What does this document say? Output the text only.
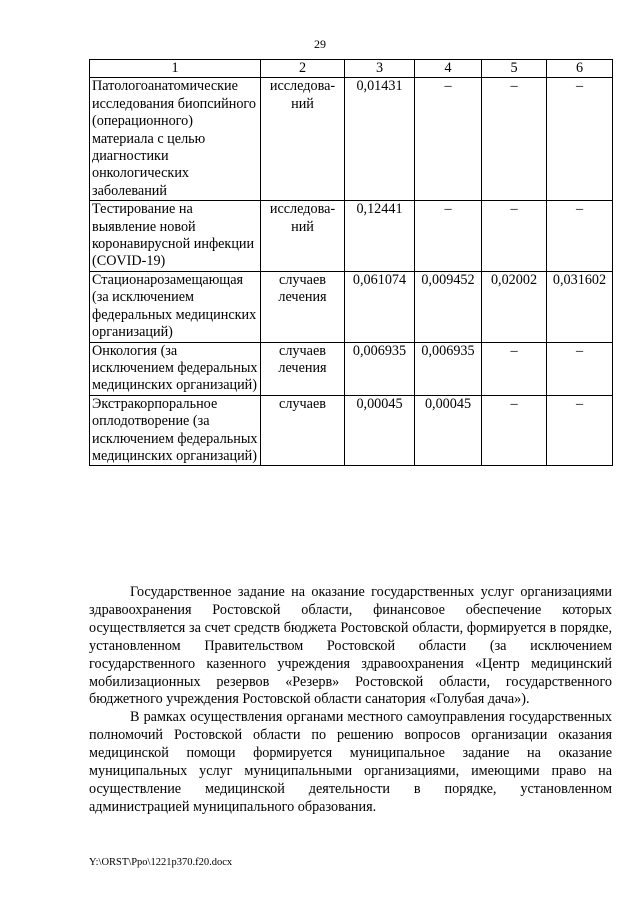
29
1	2	3	4	5	6
Патологоанатомические исследования биопсийного (операционного) материала с целью диагностики онкологических заболеваний	исследова-ний	0,01431	–	–	–
Тестирование на выявление новой коронавирусной инфекции (COVID-19)	исследова-ний	0,12441	–	–	–
Стационарозамещающая (за исключением федеральных медицинских организаций)	случаев лечения	0,061074	0,009452	0,02002	0,031602
Онкология (за исключением федеральных медицинских организаций)	случаев лечения	0,006935	0,006935	–	–
Экстракорпоральное оплодотворение (за исключением федеральных медицинских организаций)	случаев	0,00045	0,00045	–	–

Государственное задание на оказание государственных услуг организациями здравоохранения Ростовской области, финансовое обеспечение которых осуществляется за счет средств бюджета Ростовской области, формируется в порядке, установленном Правительством Ростовской области (за исключением государственного казенного учреждения здравоохранения «Центр медицинский мобилизационных резервов «Резерв» Ростовской области, государственного бюджетного учреждения Ростовской области санатория «Голубая дача»).

В рамках осуществления органами местного самоуправления государственных полномочий Ростовской области по решению вопросов организации оказания медицинской помощи формируется муниципальное задание на оказание муниципальных услуг муниципальными организациями, имеющими право на осуществление медицинской деятельности в порядке, установленном администрацией муниципального образования.

Y:\ORST\Ppo\1221p370.f20.docx
